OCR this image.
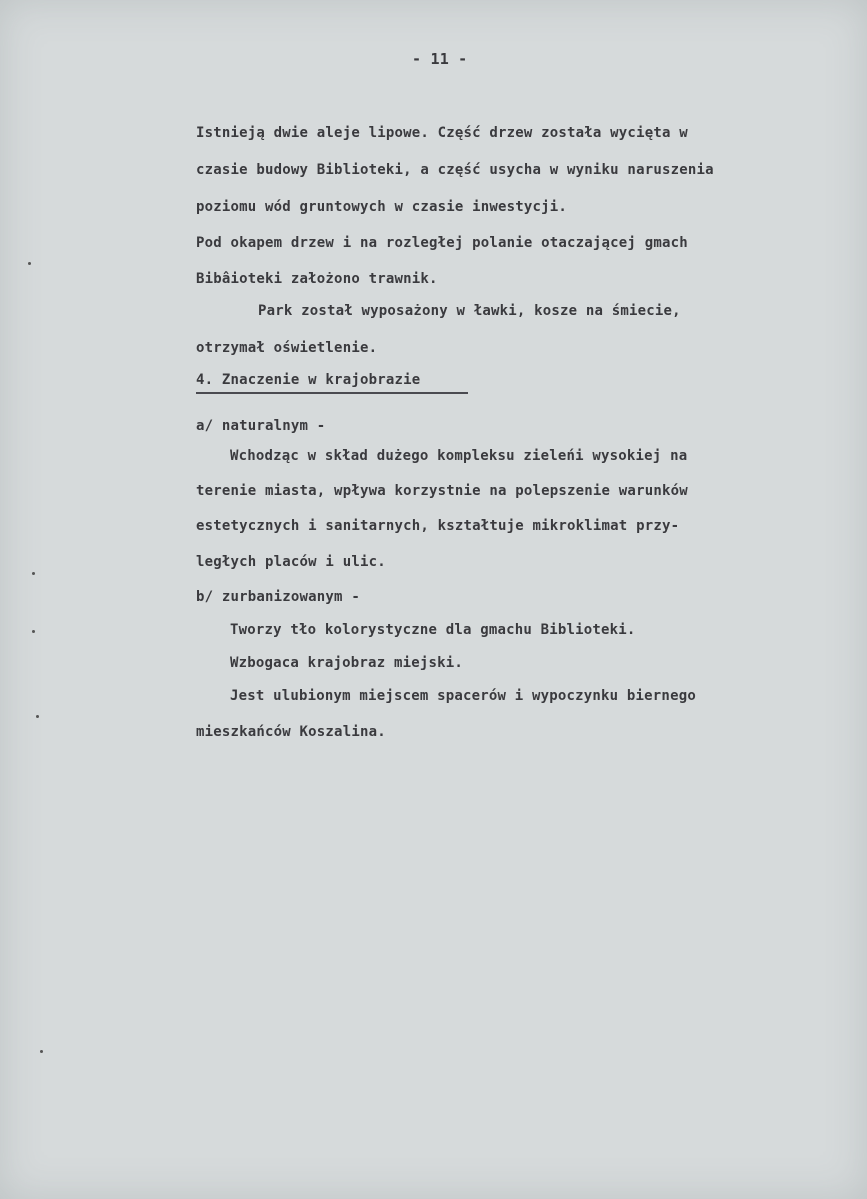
- 11 -
Istnieją dwie aleje lipowe. Część drzew została wycięta w
czasie budowy Biblioteki, a część usycha w wyniku naruszenia
poziomu wód gruntowych w czasie inwestycji.
Pod okapem drzew i na rozległej polanie otaczającej gmach
Bibâioteki założono trawnik.
Park został wyposażony w ławki, kosze na śmiecie,
otrzymał oświetlenie.
4. Znaczenie w krajobrazie
a/ naturalnym -
Wchodząc w skład dużego kompleksu zieleńi wysokiej na
terenie miasta, wpływa korzystnie na polepszenie warunków
estetycznych i sanitarnych, kształtuje mikroklimat przy-
ległych placów i ulic.
b/ zurbanizowanym -
Tworzy tło kolorystyczne dla gmachu Biblioteki.
Wzbogaca krajobraz miejski.
Jest ulubionym miejscem spacerów i wypoczynku biernego
mieszkańców Koszalina.
